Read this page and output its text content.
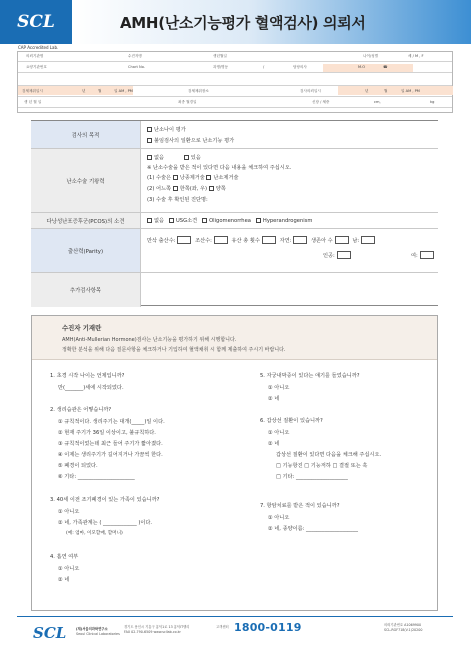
SCL	AMH(난소기능평가 혈액검사) 의뢰서
CAP Accredited Lab.
의뢰기관명	수진자명	생년월일	나이/성별	세 / M , F
요양기관번호	Chart No.	과명/병동	/	담당의사	M.O	☎
검체채취일시	년	월	일 AM , PM	검체채취장소	검사의뢰일시	년	월	일 AM , PM
생 년 월 일	최종 월경일	신장 / 체중	cm,	kg
검사의 목적
난소나이 평가
불임검사의 일환으로 난소기능 평가
난소수술 기왕력
없음	있음
※ 난소수술을 받은 적이 있다면 다음 내용을 체크하여 주십시오.
(1) 수술은 낭종제거술 난소제거술
(2) 어느쪽 한쪽(좌, 우) 양쪽
(3) 수술 후 확인된 진단명:
다낭성난포증후군(PCOS)의 소견	없음 USG소견 Oligomenorrhea Hyperandrogenism
출산력(Parity)
만삭 출산수:	조산수:	유산 총 횟수	자연:	생존아 수	남:
인공:	여:
추가검사항목
수진자 기재란
AMH(Anti-Mullerian Hormone)검사는 난소기능을 평가하기 위해 시행합니다.
정확한 분석을 위해 다음 질문사항을 체크하거나 기입하여 혈액채취 시 함께 제출하여 주시기 바랍니다.
1. 초경 시작 나이는 언제입니까?
만(_______)세에 시작되었다.
2. 생리습관은 어떻습니까?
① 규칙적이다. 생리주기는 대개(_____)일 이다.
② 현재 주기가 36일 이상이고, 불규칙하다.
③ 규칙적이었는데 최근 들어 주기가 짧아졌다.
④ 이제는 생리주기가 길어지거나 가끔씩 한다.
⑤ 폐경이 되었다.
⑥ 기타: ______________________
3. 40세 이전 조기폐경이 있는 가족이 있습니까?
① 아니오
② 네, 가족관계는 ( _____________ )이다.
(예: 엄마, 이모할매, 할머니)
4. 흡연 여부
① 아니오
② 네
5. 자궁내막증이 있다는 얘기를 들었습니까?
① 아니오
② 네
6. 갑상선 질환이 있습니까?
① 아니오
② 네
갑상선 질환이 있다면 다음을 체크해 주십시오.
□ 기능항진 □ 기능저하 □ 결절 또는 혹
□ 기타: ____________________
7. 항암치료를 받은 적이 있습니까?
① 아니오
② 네, 종양이름: ____________________
SCL	(재)서울의과학연구소
Seoul Clinical Laboratories
경기도 용인시 기흥구 흥덕1로 13 흥덕IT밸리
FAX 02-790-6509 www.scllab.co.kr
고객센터 1800-0119	의뢰기관번호 A1069900
SCL-RGF718(V.1)20200
